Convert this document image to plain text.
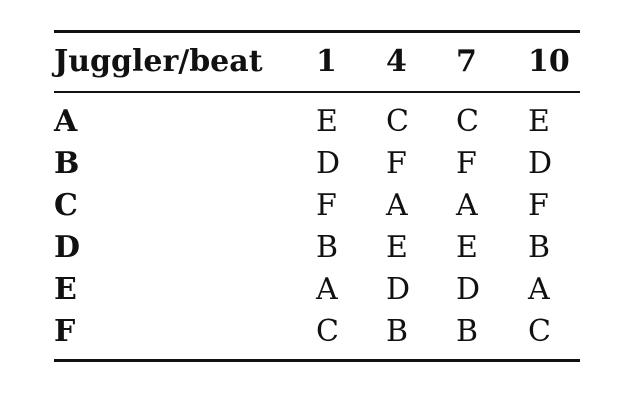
Juggler/beat	1	4	7	10
A	E	C	C	E
B	D	F	F	D
C	F	A	A	F
D	B	E	E	B
E	A	D	D	A
F	C	B	B	C
